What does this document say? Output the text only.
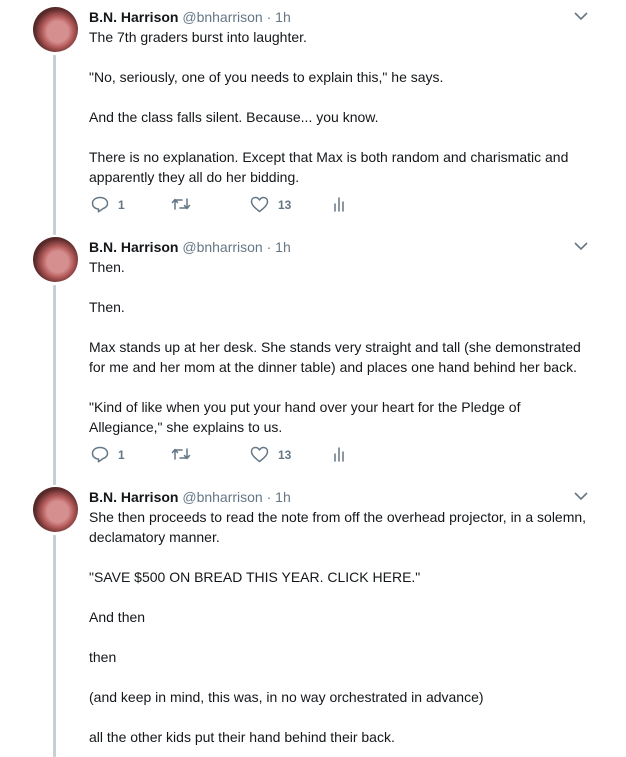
B.N. Harrison @bnharrison · 1h

The 7th graders burst into laughter.

"No, seriously, one of you needs to explain this," he says.

And the class falls silent. Because... you know.

There is no explanation. Except that Max is both random and charismatic and apparently they all do her bidding.

1	13
B.N. Harrison @bnharrison · 1h

Then.

Then.

Max stands up at her desk. She stands very straight and tall (she demonstrated for me and her mom at the dinner table) and places one hand behind her back.

"Kind of like when you put your hand over your heart for the Pledge of Allegiance," she explains to us.

1	13
B.N. Harrison @bnharrison · 1h

She then proceeds to read the note from off the overhead projector, in a solemn, declamatory manner.

"SAVE $500 ON BREAD THIS YEAR. CLICK HERE."

And then

then

(and keep in mind, this was, in no way orchestrated in advance)

all the other kids put their hand behind their back.
